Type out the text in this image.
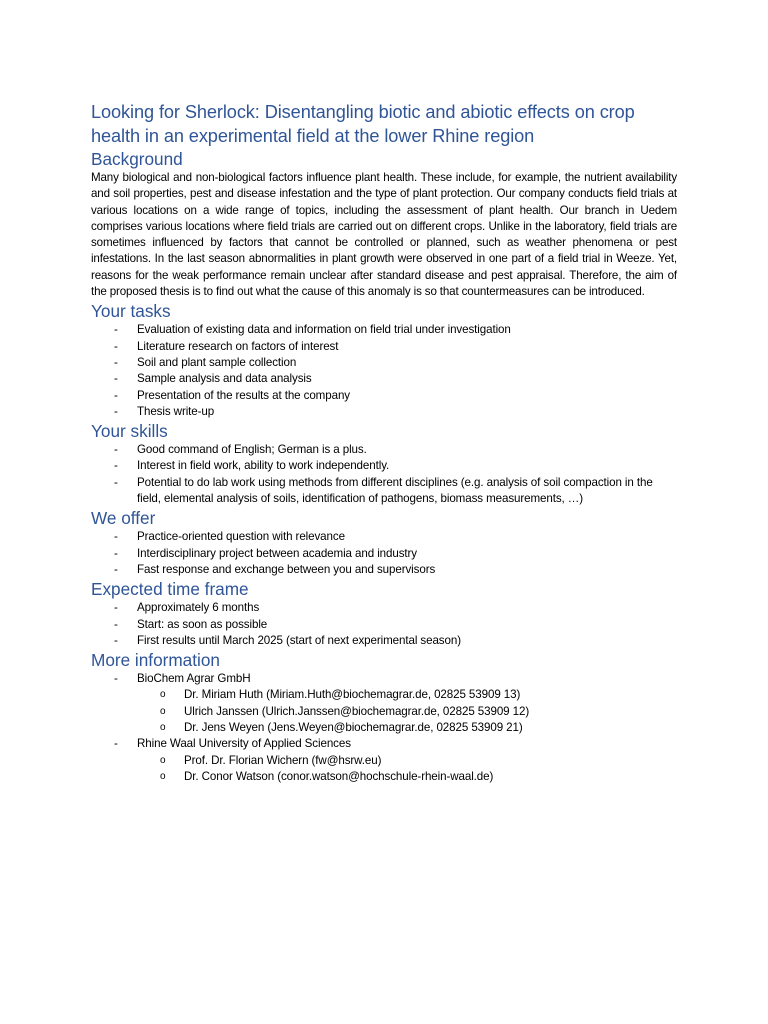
Looking for Sherlock: Disentangling biotic and abiotic effects on crop health in an experimental field at the lower Rhine region
Background

Many biological and non-biological factors influence plant health. These include, for example, the nutrient availability and soil properties, pest and disease infestation and the type of plant protection. Our company conducts field trials at various locations on a wide range of topics, including the assessment of plant health. Our branch in Uedem comprises various locations where field trials are carried out on different crops. Unlike in the laboratory, field trials are sometimes influenced by factors that cannot be controlled or planned, such as weather phenomena or pest infestations. In the last season abnormalities in plant growth were observed in one part of a field trial in Weeze. Yet, reasons for the weak performance remain unclear after standard disease and pest appraisal. Therefore, the aim of the proposed thesis is to find out what the cause of this anomaly is so that countermeasures can be introduced.

Your tasks
- Evaluation of existing data and information on field trial under investigation
- Literature research on factors of interest
- Soil and plant sample collection
- Sample analysis and data analysis
- Presentation of the results at the company
- Thesis write-up
Your skills
- Good command of English; German is a plus.
- Interest in field work, ability to work independently.
- Potential to do lab work using methods from different disciplines (e.g. analysis of soil compaction in the field, elemental analysis of soils, identification of pathogens, biomass measurements, …)
We offer
- Practice-oriented question with relevance
- Interdisciplinary project between academia and industry
- Fast response and exchange between you and supervisors
Expected time frame
- Approximately 6 months
- Start: as soon as possible
- First results until March 2025 (start of next experimental season)
More information
- BioChem Agrar GmbH
o Dr. Miriam Huth (Miriam.Huth@biochemagrar.de, 02825 53909 13)
o Ulrich Janssen (Ulrich.Janssen@biochemagrar.de, 02825 53909 12)
o Dr. Jens Weyen (Jens.Weyen@biochemagrar.de, 02825 53909 21)
- Rhine Waal University of Applied Sciences
o Prof. Dr. Florian Wichern (fw@hsrw.eu)
o Dr. Conor Watson (conor.watson@hochschule-rhein-waal.de)
